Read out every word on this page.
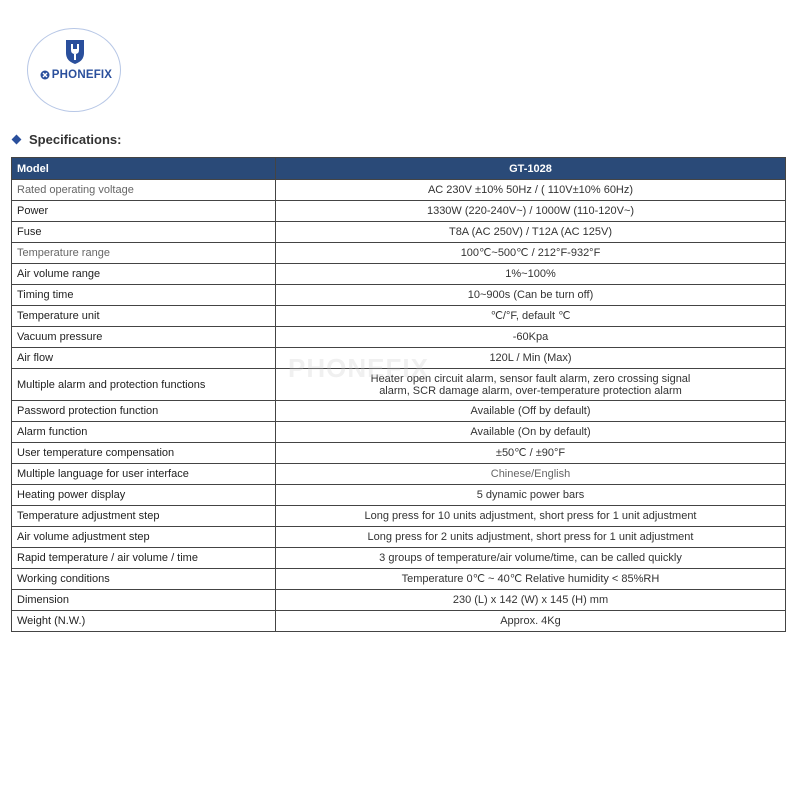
PHONEFIX
Specifications:
Model	GT-1028
Rated operating voltage	AC 230V ±10% 50Hz / ( 110V±10% 60Hz)
Power	1330W (220-240V~) / 1000W (110-120V~)
Fuse	T8A (AC 250V) / T12A (AC 125V)
Temperature range	100℃~500℃ / 212°F-932°F
Air volume range	1%~100%
Timing time	10~900s (Can be turn off)
Temperature unit	℃/°F, default ℃
Vacuum pressure	-60Kpa
Air flow	120L / Min (Max)
Multiple alarm and protection functions	Heater open circuit alarm, sensor fault alarm, zero crossing signal
alarm, SCR damage alarm, over-temperature protection alarm

Password protection function	Available (Off by default)
Alarm function	Available (On by default)
User temperature compensation	±50℃ / ±90°F
Multiple language for user interface	Chinese/English
Heating power display	5 dynamic power bars
Temperature adjustment step	Long press for 10 units adjustment, short press for 1 unit adjustment
Air volume adjustment step	Long press for 2 units adjustment, short press for 1 unit adjustment
Rapid temperature / air volume / time	3 groups of temperature/air volume/time, can be called quickly
Working conditions	Temperature 0℃ ~ 40℃ Relative humidity < 85%RH
Dimension	230 (L) x 142 (W) x 145 (H) mm
Weight (N.W.)	Approx. 4Kg
PHONEFIX
